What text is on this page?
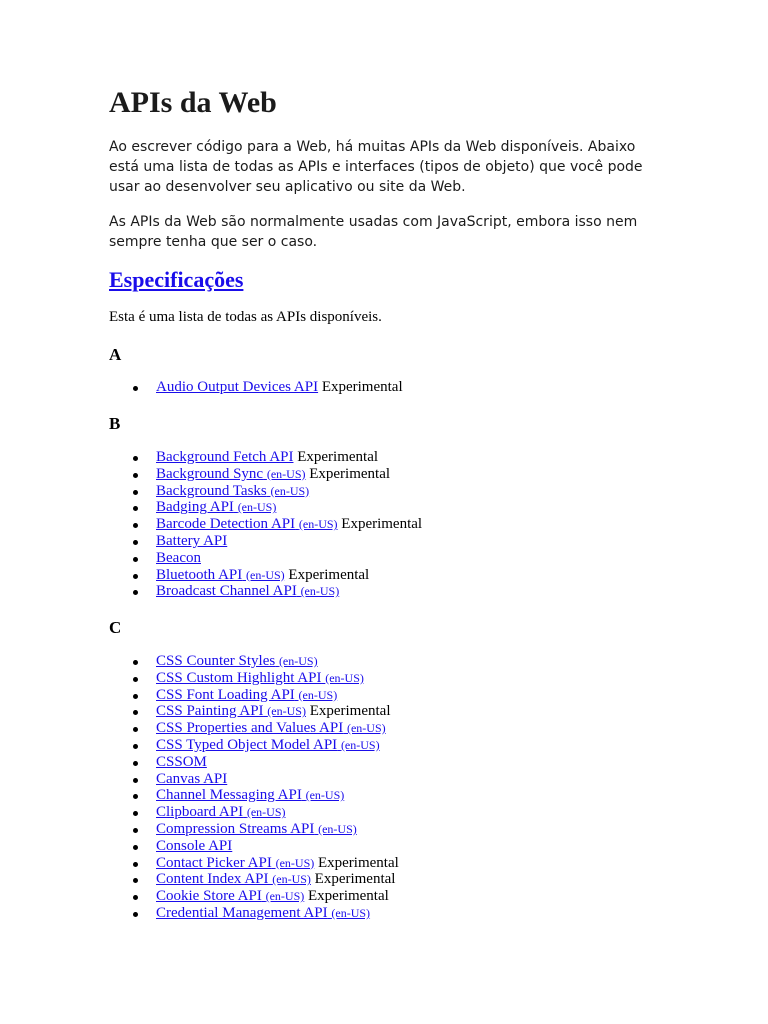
APIs da Web

Ao escrever código para a Web, há muitas APIs da Web disponíveis. Abaixo está uma lista de todas as APIs e interfaces (tipos de objeto) que você pode usar ao desenvolver seu aplicativo ou site da Web.

As APIs da Web são normalmente usadas com JavaScript, embora isso nem sempre tenha que ser o caso.

Especificações

Esta é uma lista de todas as APIs disponíveis.

A
Audio Output Devices API Experimental
B
Background Fetch API Experimental
Background Sync (en-US) Experimental
Background Tasks (en-US)
Badging API (en-US)
Barcode Detection API (en-US) Experimental
Battery API
Beacon
Bluetooth API (en-US) Experimental
Broadcast Channel API (en-US)
C
CSS Counter Styles (en-US)
CSS Custom Highlight API (en-US)
CSS Font Loading API (en-US)
CSS Painting API (en-US) Experimental
CSS Properties and Values API (en-US)
CSS Typed Object Model API (en-US)
CSSOM
Canvas API
Channel Messaging API (en-US)
Clipboard API (en-US)
Compression Streams API (en-US)
Console API
Contact Picker API (en-US) Experimental
Content Index API (en-US) Experimental
Cookie Store API (en-US) Experimental
Credential Management API (en-US)
